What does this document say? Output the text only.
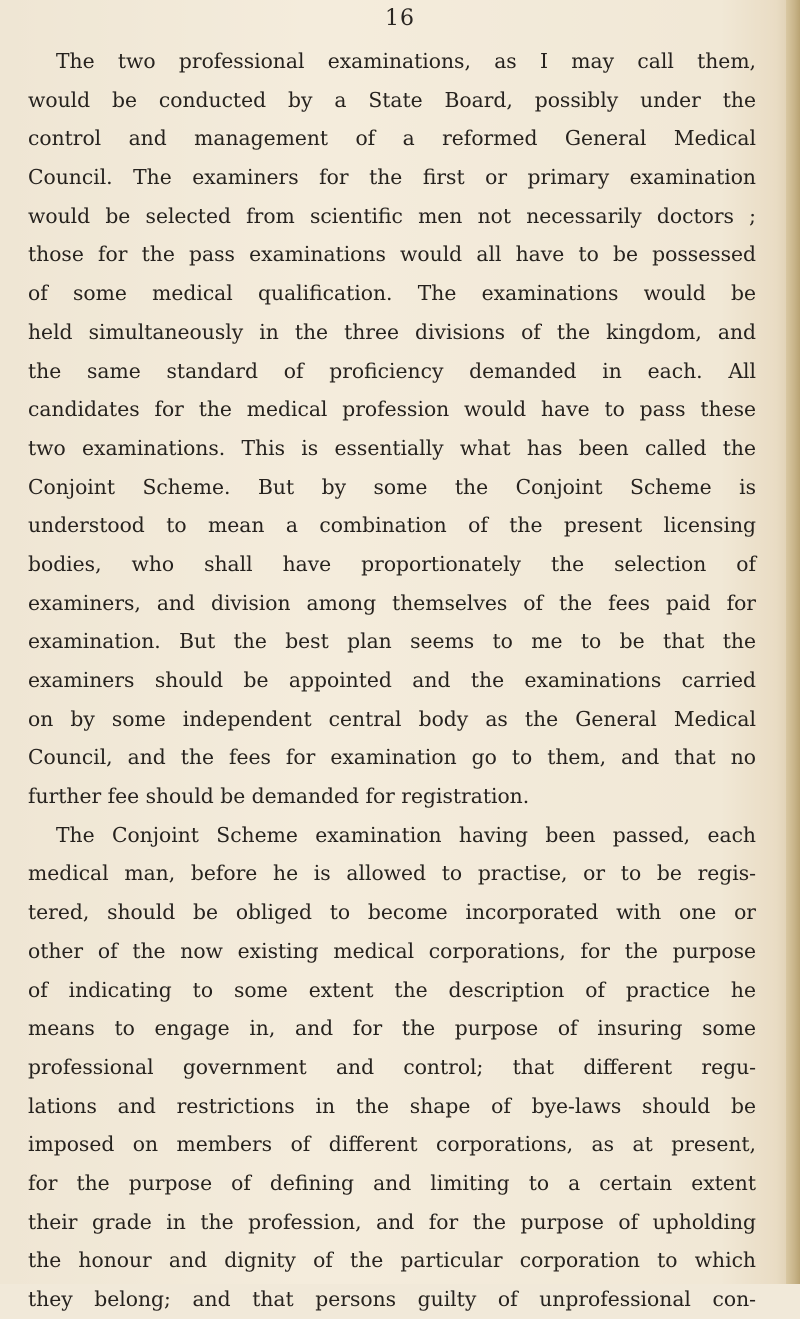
16
The two professional examinations, as I may call them,
would be conducted by a State Board, possibly under the
control and management of a reformed General Medical
Council. The examiners for the first or primary examination
would be selected from scientific men not necessarily doctors ;
those for the pass examinations would all have to be possessed
of some medical qualification. The examinations would be
held simultaneously in the three divisions of the kingdom, and
the same standard of proficiency demanded in each. All
candidates for the medical profession would have to pass these
two examinations. This is essentially what has been called the
Conjoint Scheme. But by some the Conjoint Scheme is
understood to mean a combination of the present licensing
bodies, who shall have proportionately the selection of
examiners, and division among themselves of the fees paid for
examination. But the best plan seems to me to be that the
examiners should be appointed and the examinations carried
on by some independent central body as the General Medical
Council, and the fees for examination go to them, and that no
further fee should be demanded for registration.
The Conjoint Scheme examination having been passed, each
medical man, before he is allowed to practise, or to be regis-
tered, should be obliged to become incorporated with one or
other of the now existing medical corporations, for the purpose
of indicating to some extent the description of practice he
means to engage in, and for the purpose of insuring some
professional government and control; that different regu-
lations and restrictions in the shape of bye-laws should be
imposed on members of different corporations, as at present,
for the purpose of defining and limiting to a certain extent
their grade in the profession, and for the purpose of upholding
the honour and dignity of the particular corporation to which
they belong; and that persons guilty of unprofessional con-
